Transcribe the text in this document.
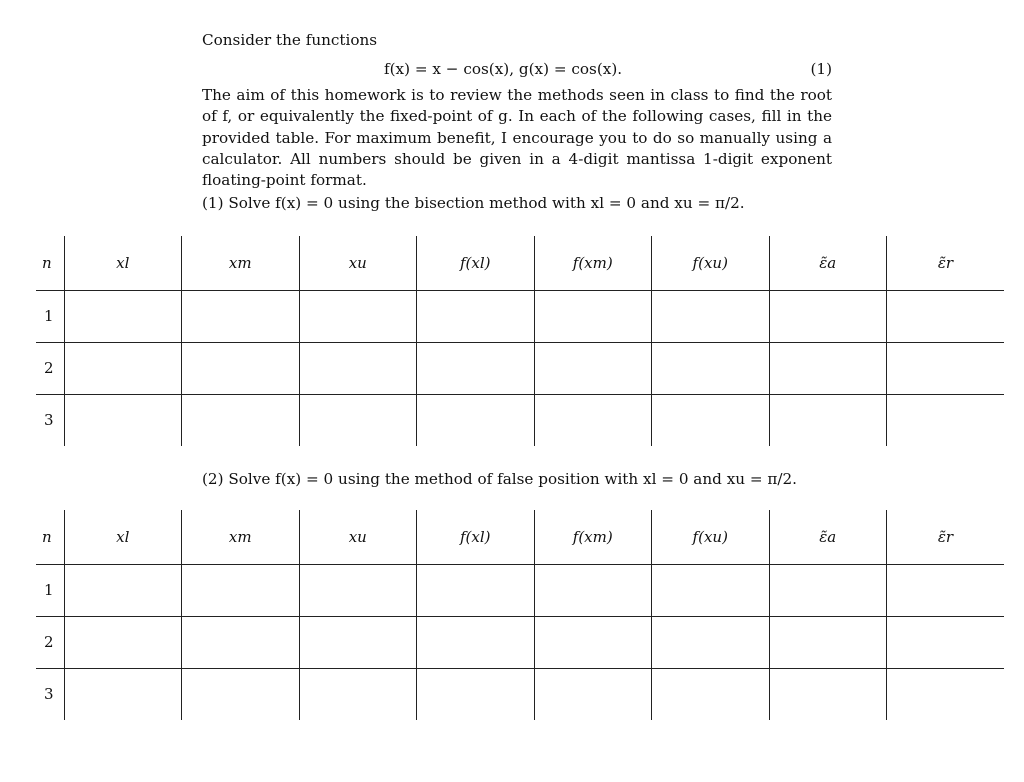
Consider the functions

f(x) = x − cos(x), g(x) = cos(x).	(1)

The aim of this homework is to review the methods seen in class to find the root of f, or equivalently the fixed-point of g. In each of the following cases, fill in the provided table. For maximum benefit, I encourage you to do so manually using a calculator. All numbers should be given in a 4-digit mantissa 1-digit exponent floating-point format.

(1) Solve f(x) = 0 using the bisection method with xl = 0 and xu = π/2.

n	xl	xm	xu	f(xl)	f(xm)	f(xu)	ε̃a	ε̃r
1								
2								
3								
(2) Solve f(x) = 0 using the method of false position with xl = 0 and xu = π/2.
n	xl	xm	xu	f(xl)	f(xm)	f(xu)	ε̃a	ε̃r
1								
2								
3								
